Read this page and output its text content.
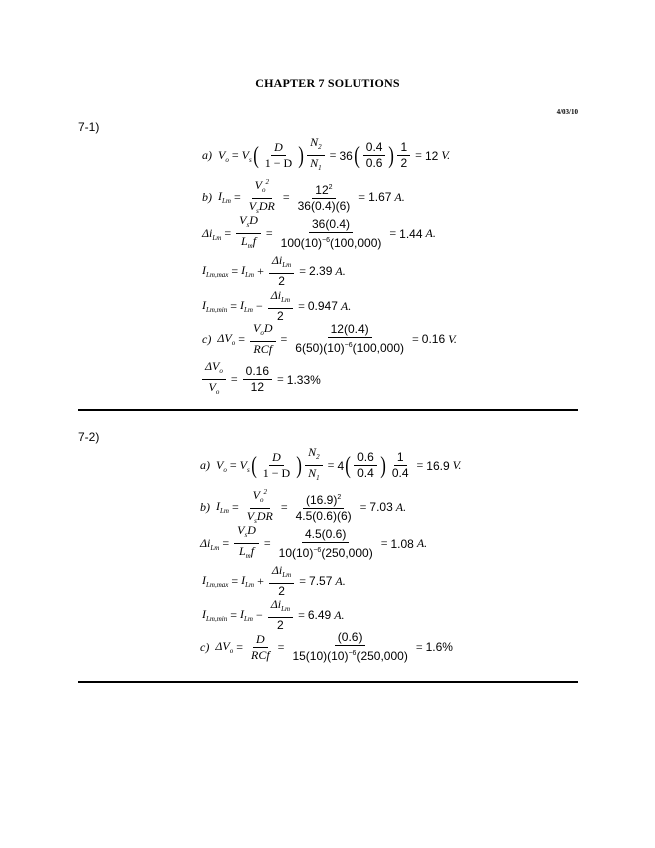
CHAPTER 7 SOLUTIONS
4/03/10
7-1)
a) $V_o = V_s$ ( $\frac{D}{1 - D}$ ) $\frac{N_2}{N_1} = 36$ ( $\frac{0.4}{0.6}$ ) $\frac{1}{2} = 12$ V.
b) $I_{Lm} = \frac{V_o^2}{V_sDR} = \frac{12^2}{36(0.4)(6)} = 1.67$ A.
$\Delta i_{Lm} = \frac{V_sD}{L_mf} = \frac{36(0.4)}{100(10)^{-6}(100,000)} = 1.44$ A.
$I_{Lm,max} = I_{Lm} + \frac{\Delta i_{Lm}}{2} = 2.39$ A.
$I_{Lm,min} = I_{Lm} - \frac{\Delta i_{Lm}}{2} = 0.947$ A.
c) $\Delta V_o = \frac{V_oD}{\text{RCf}} = \frac{12(0.4)}{6(50)(10)^{-6}(100,000)} = 0.16$ V.
$\frac{\Delta V_o}{V_o} = \frac{0.16}{12} = 1.33\%$
7-2)
a) $V_o = V_s$ ( $\frac{D}{1 - D}$ ) $\frac{N_2}{N_1} = 4$ ( $\frac{0.6}{0.4}$ ) $\frac{1}{0.4} = 16.9$ V.
b) $I_{Lm} = \frac{V_o^2}{V_sDR} = \frac{(16.9)^2}{4.5(0.6)(6)} = 7.03$ A.
$\Delta i_{Lm} = \frac{V_sD}{L_mf} = \frac{4.5(0.6)}{10(10)^{-6}(250,000)} = 1.08$ A.
$I_{Lm,max} = I_{Lm} + \frac{\Delta i_{Lm}}{2} = 7.57$ A.
$I_{Lm,min} = I_{Lm} - \frac{\Delta i_{Lm}}{2} = 6.49$ A.
c) $\Delta V_o = \frac{D}{\text{RCf}} = \frac{(0.6)}{15(10)(10)^{-6}(250,000)} = 1.6\%$
